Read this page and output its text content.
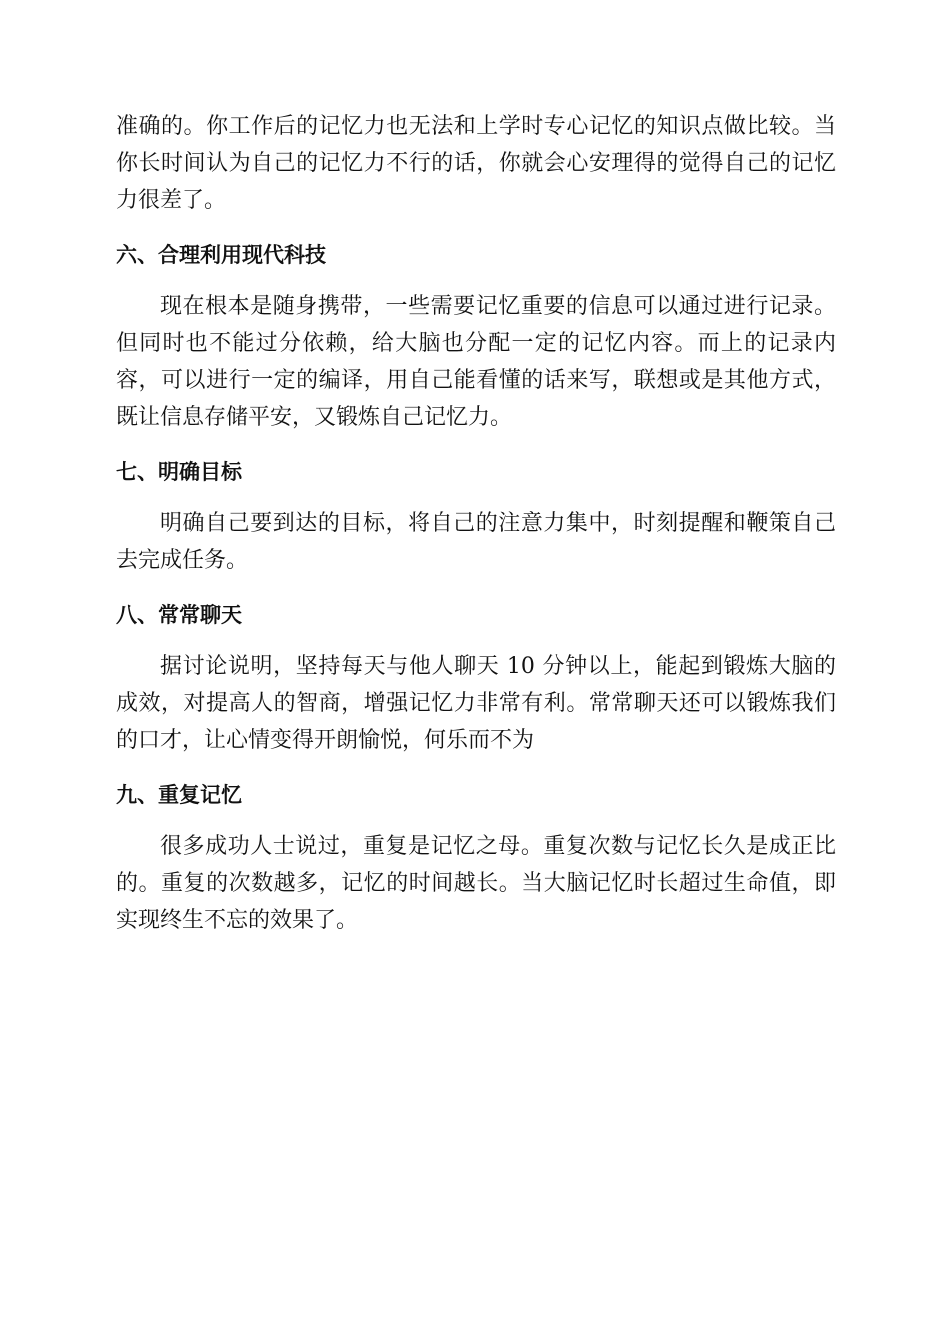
准确的。你工作后的记忆力也无法和上学时专心记忆的知识点做比较。当你长时间认为自己的记忆力不行的话，你就会心安理得的觉得自己的记忆力很差了。

六、合理利用现代科技

现在根本是随身携带，一些需要记忆重要的信息可以通过进行记录。但同时也不能过分依赖，给大脑也分配一定的记忆内容。而上的记录内容，可以进行一定的编译，用自己能看懂的话来写，联想或是其他方式，既让信息存储平安，又锻炼自己记忆力。

七、明确目标

明确自己要到达的目标，将自己的注意力集中，时刻提醒和鞭策自己去完成任务。

八、常常聊天

据讨论说明，坚持每天与他人聊天 10 分钟以上，能起到锻炼大脑的成效，对提高人的智商，增强记忆力非常有利。常常聊天还可以锻炼我们的口才，让心情变得开朗愉悦，何乐而不为

九、重复记忆

很多成功人士说过，重复是记忆之母。重复次数与记忆长久是成正比的。重复的次数越多，记忆的时间越长。当大脑记忆时长超过生命值，即实现终生不忘的效果了。
